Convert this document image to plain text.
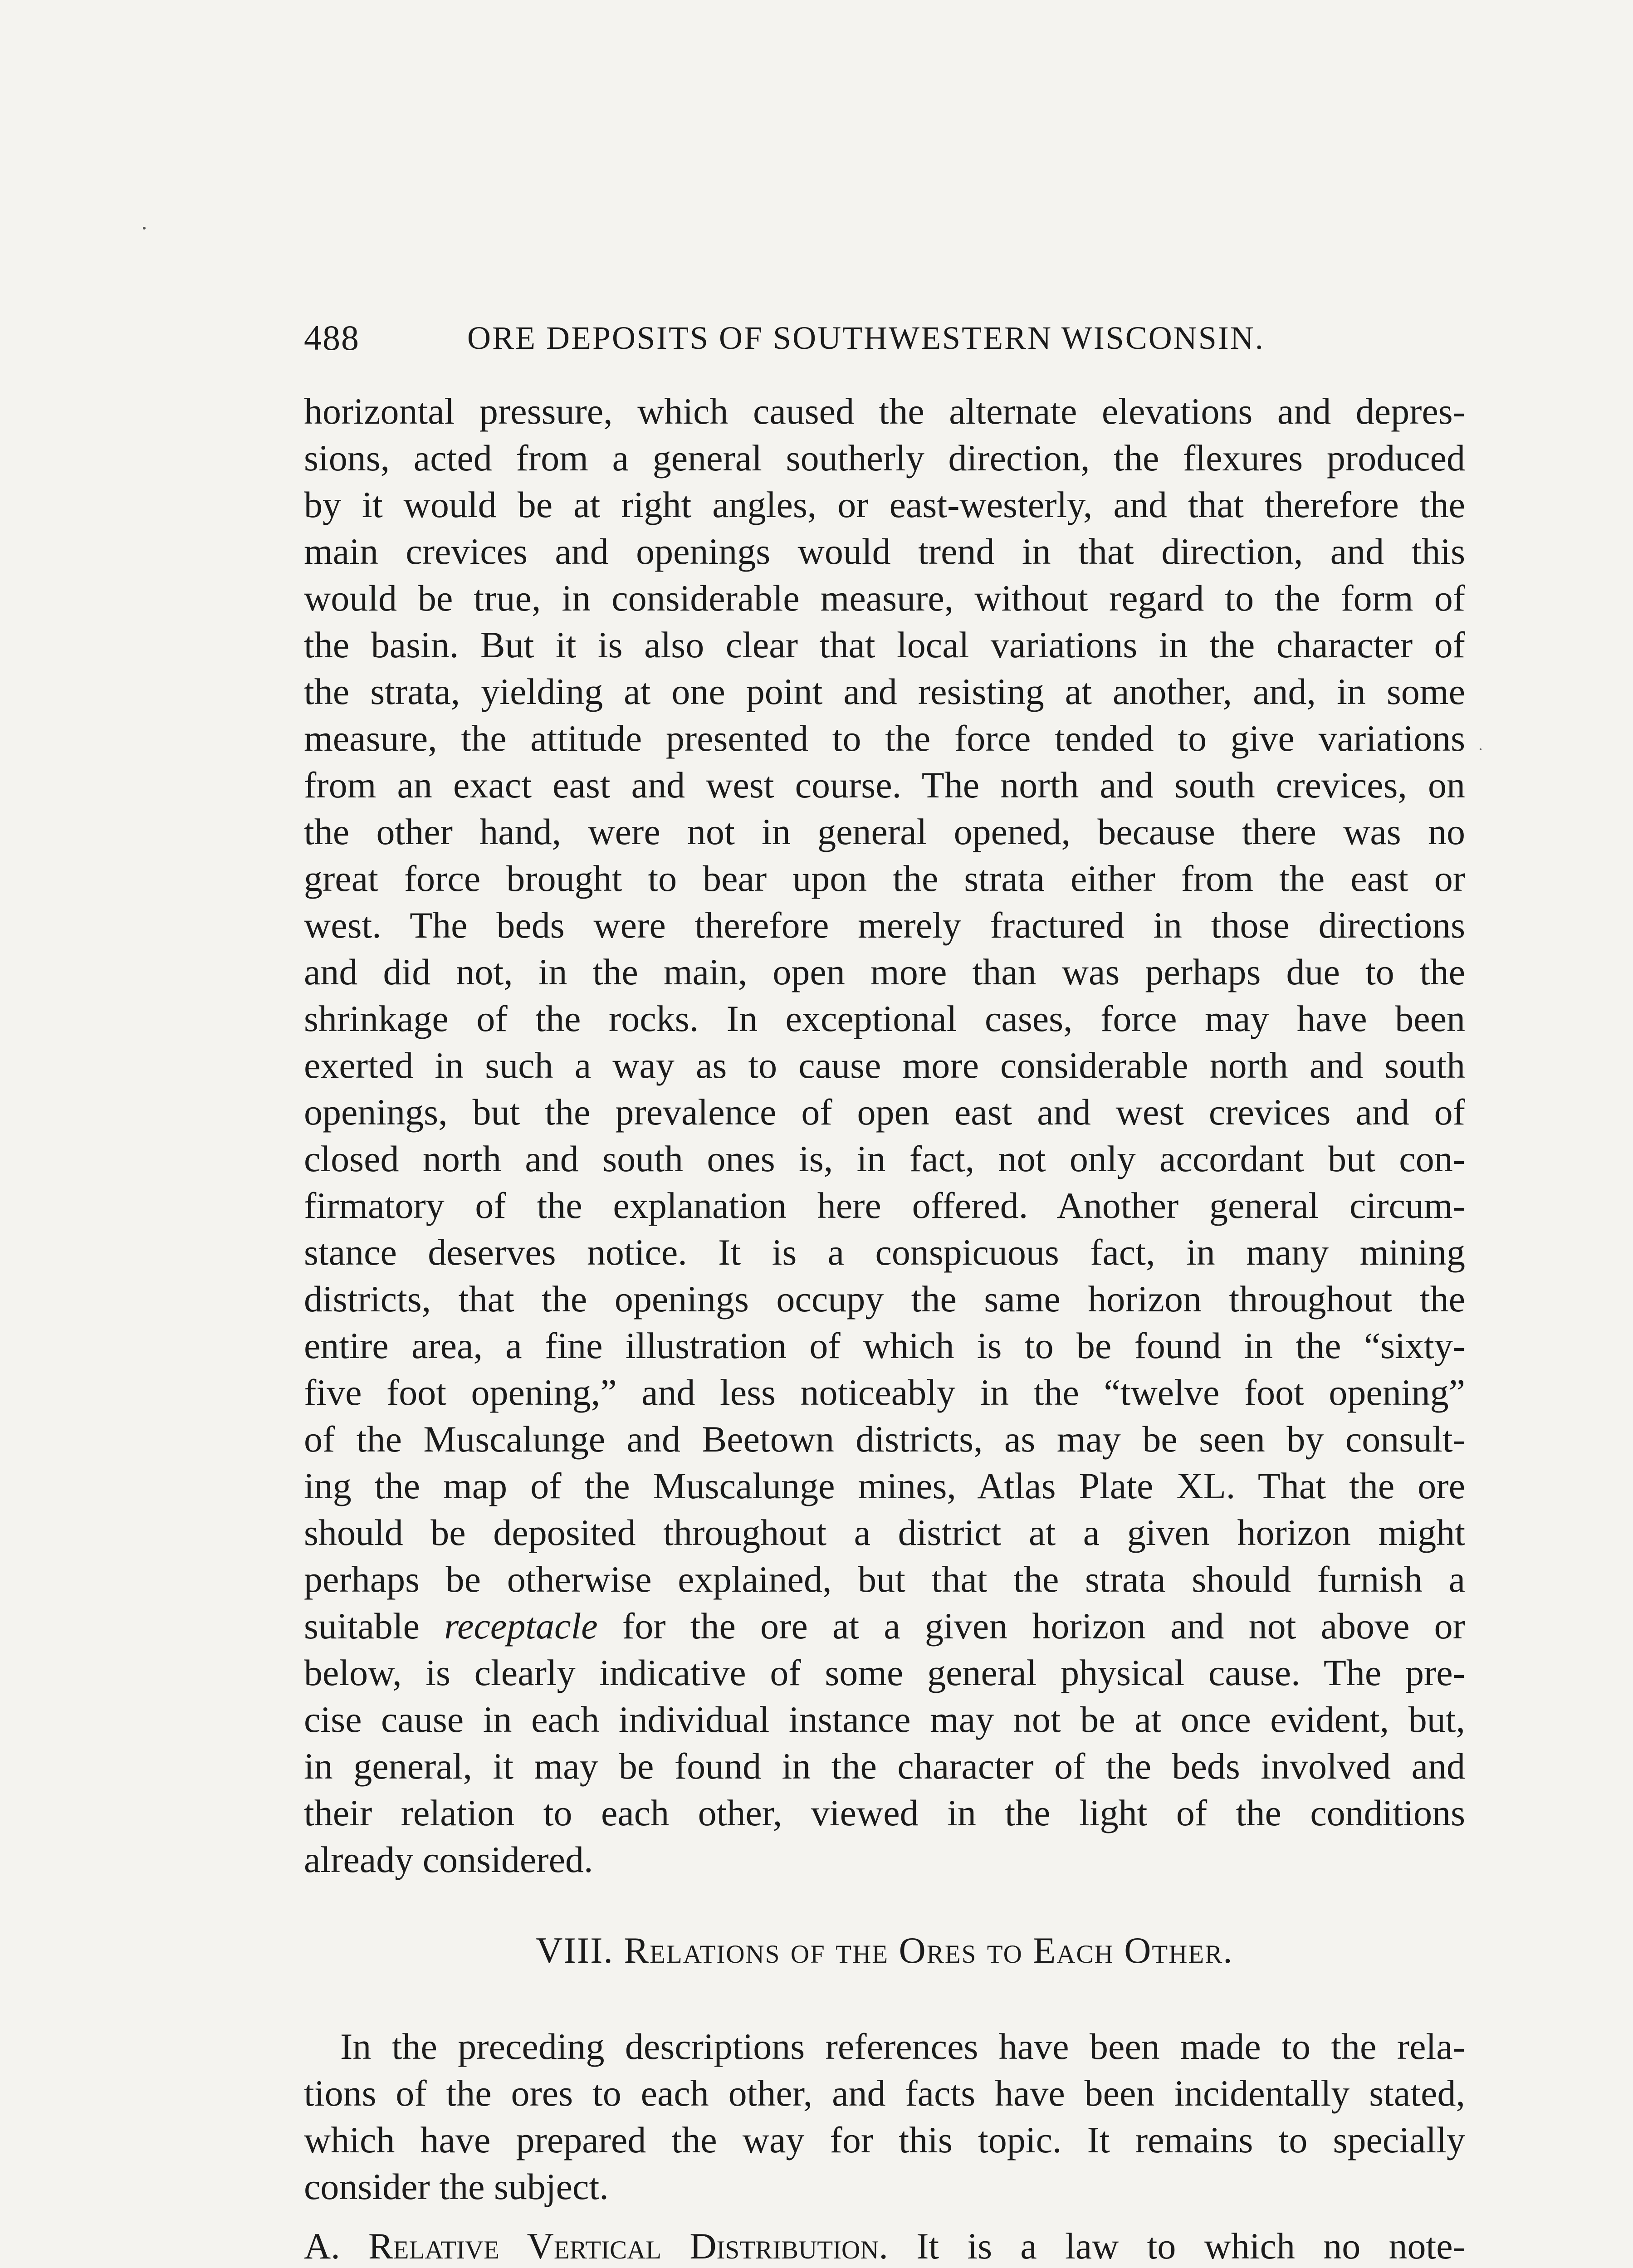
488	ORE DEPOSITS OF SOUTHWESTERN WISCONSIN.
horizontal pressure, which caused the alternate elevations and depres-
sions, acted from a general southerly direction, the flexures produced
by it would be at right angles, or east-westerly, and that therefore the
main crevices and openings would trend in that direction, and this
would be true, in considerable measure, without regard to the form of
the basin. But it is also clear that local variations in the character of
the strata, yielding at one point and resisting at another, and, in some
measure, the attitude presented to the force tended to give variations
from an exact east and west course. The north and south crevices, on
the other hand, were not in general opened, because there was no
great force brought to bear upon the strata either from the east or
west. The beds were therefore merely fractured in those directions
and did not, in the main, open more than was perhaps due to the
shrinkage of the rocks. In exceptional cases, force may have been
exerted in such a way as to cause more considerable north and south
openings, but the prevalence of open east and west crevices and of
closed north and south ones is, in fact, not only accordant but con-
firmatory of the explanation here offered. Another general circum-
stance deserves notice. It is a conspicuous fact, in many mining
districts, that the openings occupy the same horizon throughout the
entire area, a fine illustration of which is to be found in the “sixty-
five foot opening,” and less noticeably in the “twelve foot opening”
of the Muscalunge and Beetown districts, as may be seen by consult-
ing the map of the Muscalunge mines, Atlas Plate XL. That the ore
should be deposited throughout a district at a given horizon might
perhaps be otherwise explained, but that the strata should furnish a
suitable receptacle for the ore at a given horizon and not above or
below, is clearly indicative of some general physical cause. The pre-
cise cause in each individual instance may not be at once evident, but,
in general, it may be found in the character of the beds involved and
their relation to each other, viewed in the light of the conditions
already considered.
VIII. Relations of the Ores to Each Other.
In the preceding descriptions references have been made to the rela-
tions of the ores to each other, and facts have been incidentally stated,
which have prepared the way for this topic. It remains to specially
consider the subject.
A. Relative Vertical Distribution. It is a law to which no note-
